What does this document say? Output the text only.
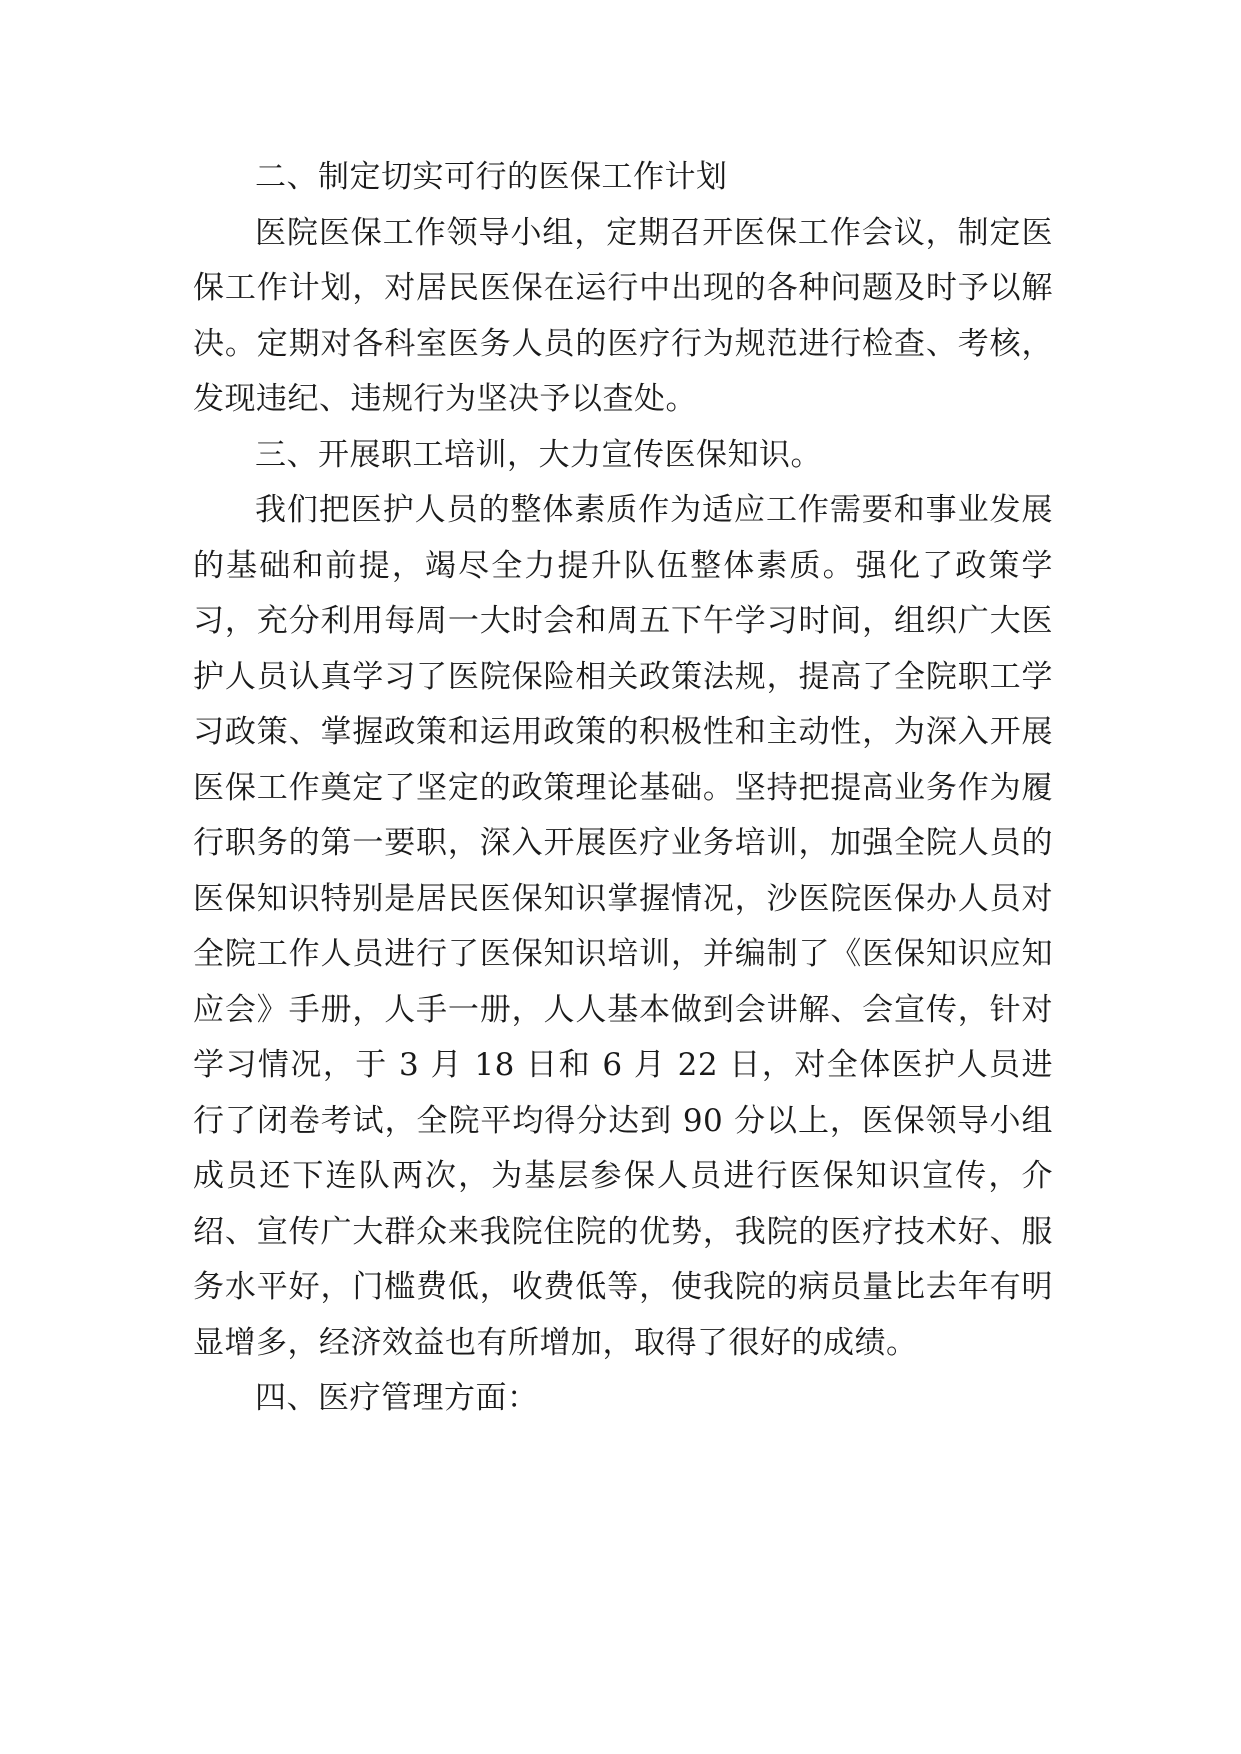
二、制定切实可行的医保工作计划

医院医保工作领导小组，定期召开医保工作会议，制定医保工作计划，对居民医保在运行中出现的各种问题及时予以解决。定期对各科室医务人员的医疗行为规范进行检查、考核，发现违纪、违规行为坚决予以查处。

三、开展职工培训，大力宣传医保知识。

我们把医护人员的整体素质作为适应工作需要和事业发展的基础和前提，竭尽全力提升队伍整体素质。强化了政策学习，充分利用每周一大时会和周五下午学习时间，组织广大医护人员认真学习了医院保险相关政策法规，提高了全院职工学习政策、掌握政策和运用政策的积极性和主动性，为深入开展医保工作奠定了坚定的政策理论基础。坚持把提高业务作为履行职务的第一要职，深入开展医疗业务培训，加强全院人员的医保知识特别是居民医保知识掌握情况，沙医院医保办人员对全院工作人员进行了医保知识培训，并编制了《医保知识应知应会》手册，人手一册，人人基本做到会讲解、会宣传，针对学习情况，于 3 月 18 日和 6 月 22 日，对全体医护人员进行了闭卷考试，全院平均得分达到 90 分以上，医保领导小组成员还下连队两次，为基层参保人员进行医保知识宣传，介绍、宣传广大群众来我院住院的优势，我院的医疗技术好、服务水平好，门槛费低，收费低等，使我院的病员量比去年有明显增多，经济效益也有所增加，取得了很好的成绩。

四、医疗管理方面：
